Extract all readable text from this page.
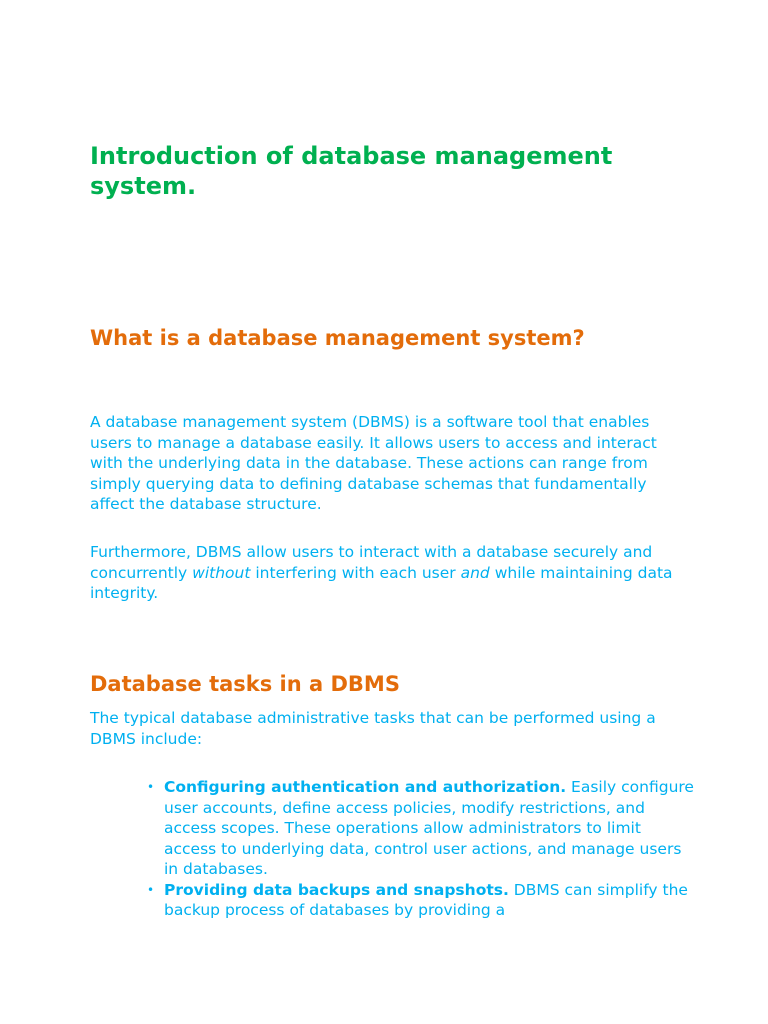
Introduction of database management system.
What is a database management system?

A database management system (DBMS) is a software tool that enables users to manage a database easily. It allows users to access and interact with the underlying data in the database. These actions can range from simply querying data to defining database schemas that fundamentally affect the database structure.

Furthermore, DBMS allow users to interact with a database securely and concurrently without interfering with each user and while maintaining data integrity.

Database tasks in a DBMS

The typical database administrative tasks that can be performed using a DBMS include:

• Configuring authentication and authorization. Easily configure user accounts, define access policies, modify restrictions, and access scopes. These operations allow administrators to limit access to underlying data, control user actions, and manage users in databases.
• Providing data backups and snapshots. DBMS can simplify the backup process of databases by providing a
